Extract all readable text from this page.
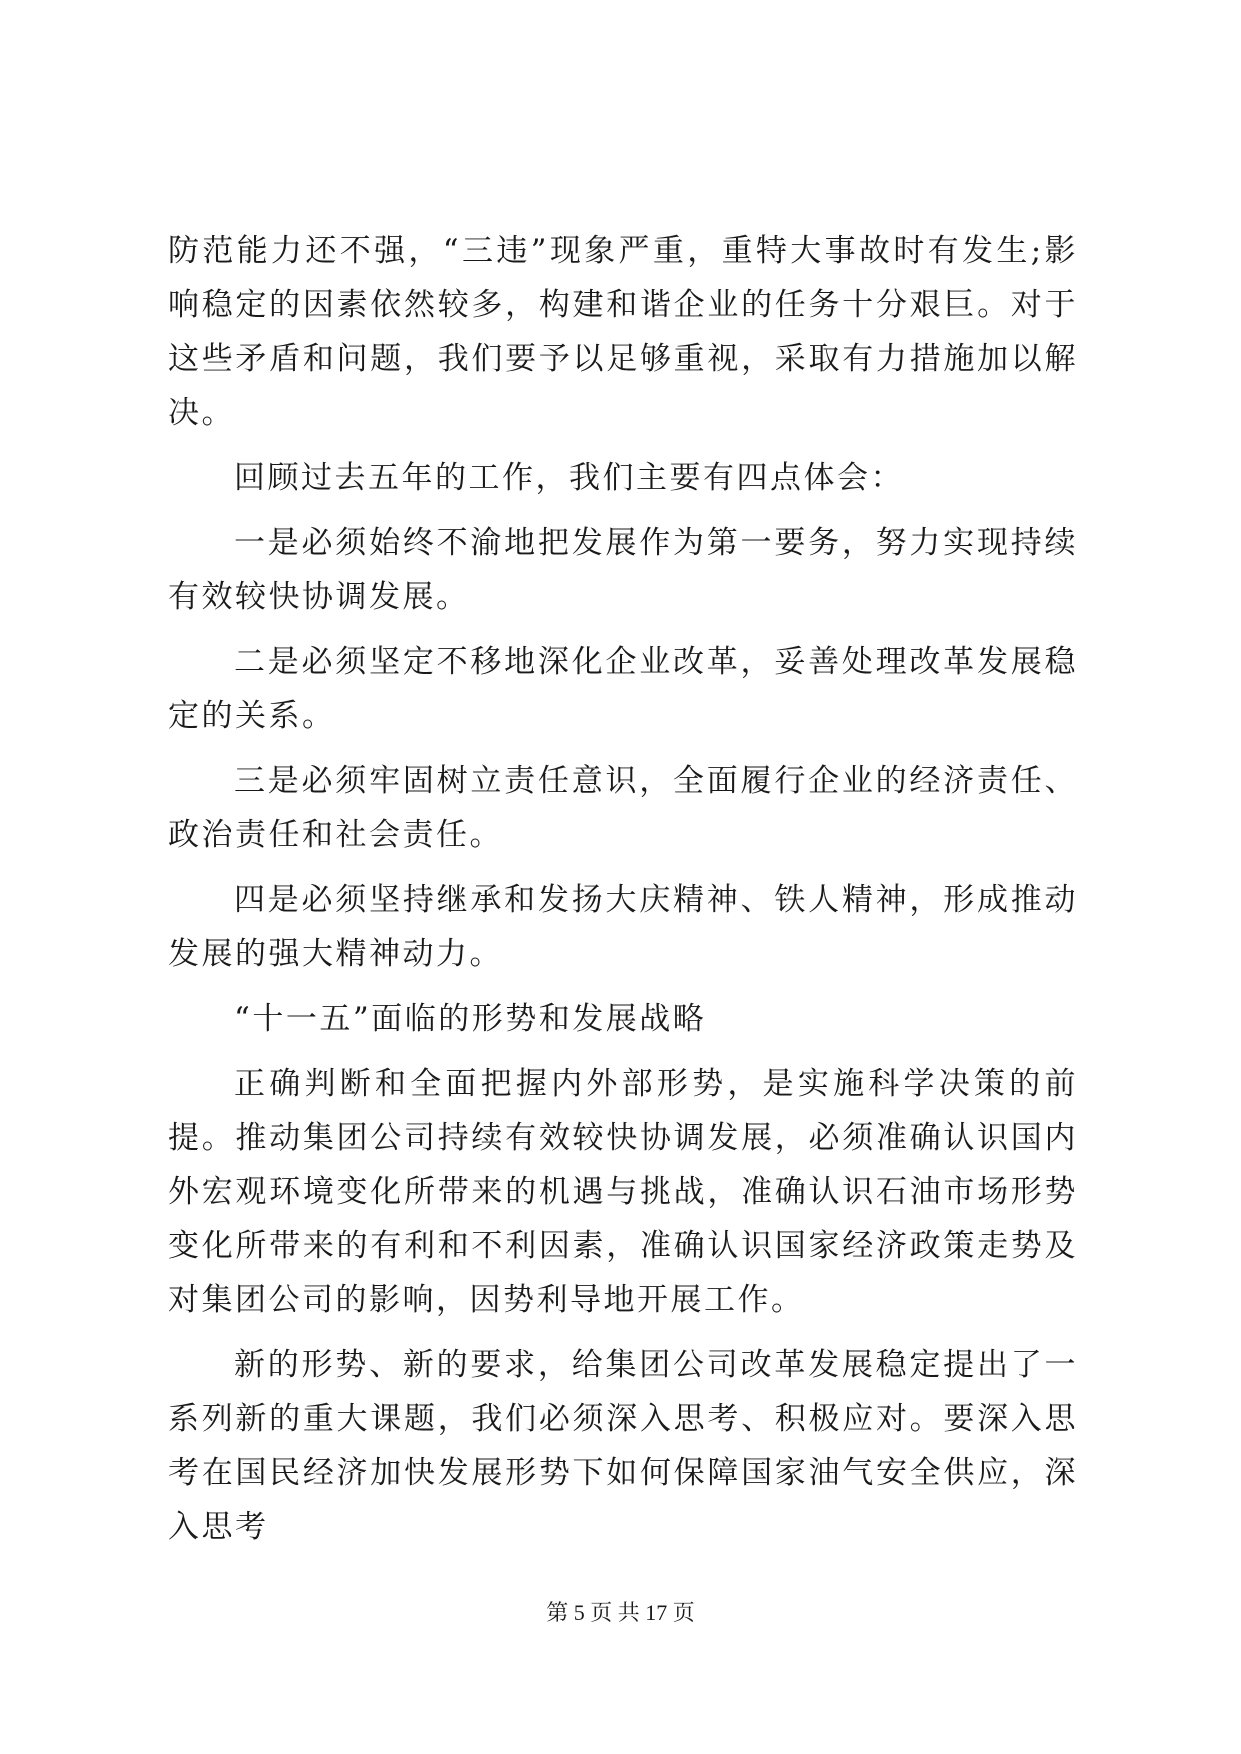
防范能力还不强，“三违”现象严重，重特大事故时有发生;影响稳定的因素依然较多，构建和谐企业的任务十分艰巨。对于这些矛盾和问题，我们要予以足够重视，采取有力措施加以解决。

回顾过去五年的工作，我们主要有四点体会：

一是必须始终不渝地把发展作为第一要务，努力实现持续有效较快协调发展。

二是必须坚定不移地深化企业改革，妥善处理改革发展稳定的关系。

三是必须牢固树立责任意识，全面履行企业的经济责任、政治责任和社会责任。

四是必须坚持继承和发扬大庆精神、铁人精神，形成推动发展的强大精神动力。

“十一五”面临的形势和发展战略

正确判断和全面把握内外部形势，是实施科学决策的前提。推动集团公司持续有效较快协调发展，必须准确认识国内外宏观环境变化所带来的机遇与挑战，准确认识石油市场形势变化所带来的有利和不利因素，准确认识国家经济政策走势及对集团公司的影响，因势利导地开展工作。

新的形势、新的要求，给集团公司改革发展稳定提出了一系列新的重大课题，我们必须深入思考、积极应对。要深入思考在国民经济加快发展形势下如何保障国家油气安全供应，深入思考

第 5 页 共 17 页
